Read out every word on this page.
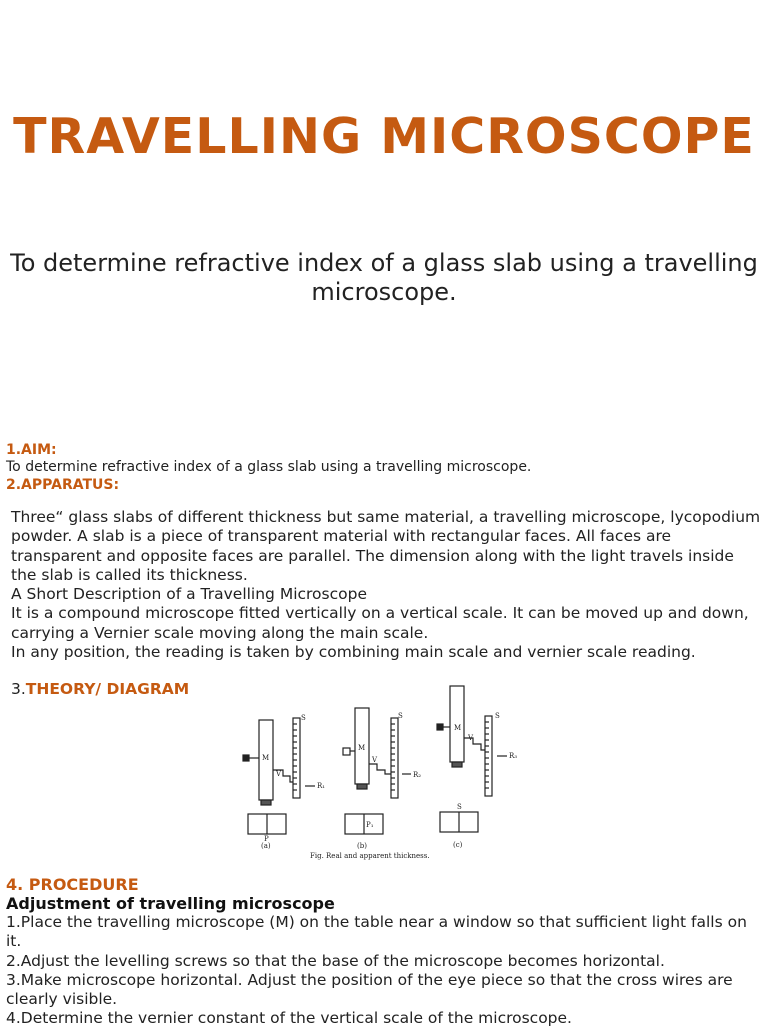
TRAVELLING MICROSCOPE
To determine refractive index of a glass slab using a travelling microscope.
1.AIM:
To determine refractive index of a glass slab using a travelling microscope.
2.APPARATUS:

Three“ glass slabs of different thickness but same material, a travelling microscope, lycopodium powder. A slab is a piece of transparent material with rectangular faces. All faces are transparent and opposite faces are parallel. The dimension along with the light travels inside the slab is called its thickness.

A Short Description of a Travelling Microscope

It is a compound microscope fitted vertically on a vertical scale. It can be moved up and down, carrying a Vernier scale moving along the main scale.

In any position, the reading is taken by combining main scale and vernier scale reading.

3.THEORY/ DIAGRAM
S
M
V
R₁
P
(a)
S
M
V
R₂
P₁
(b)
S
M
V
R₃
S
(c)
Fig. Real and apparent thickness.
4. PROCEDURE
Adjustment of travelling microscope

1.Place the travelling microscope (M) on the table near a window so that sufficient light falls on it.

2.Adjust the levelling screws so that the base of the microscope becomes horizontal.

3.Make microscope horizontal. Adjust the position of the eye piece so that the cross wires are clearly visible.

4.Determine the vernier constant of the vertical scale of the microscope.
